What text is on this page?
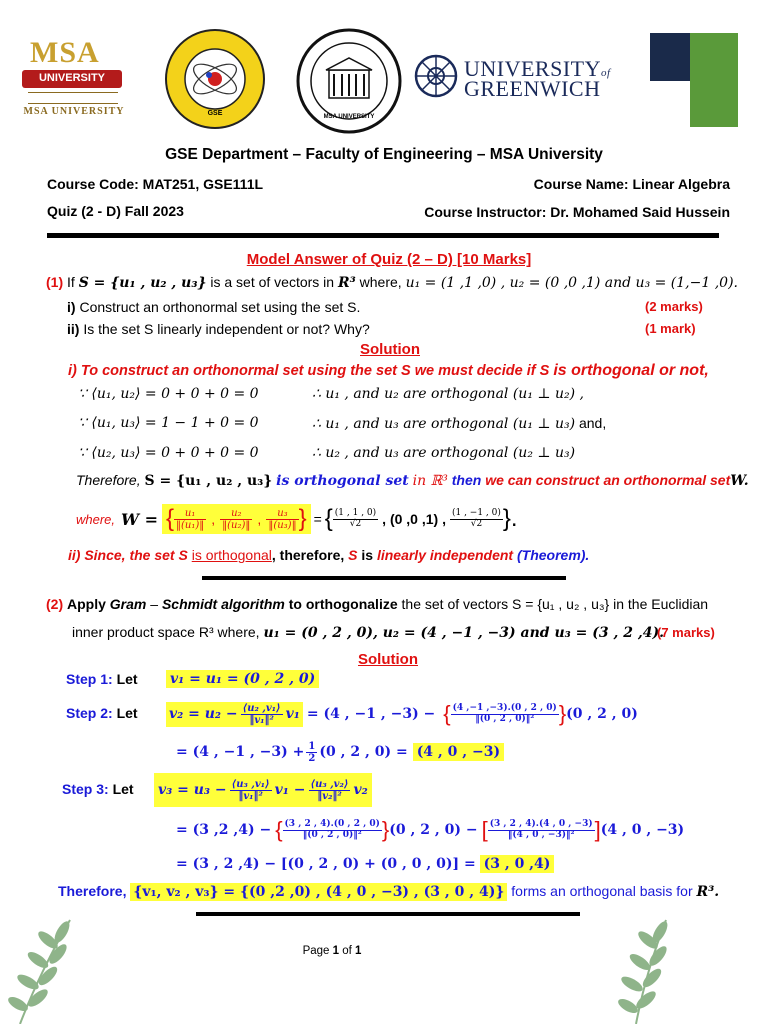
MSA
UNIVERSITY
MSA UNIVERSITY	GSE	MSA UNIVERSITY
UNIVERSITYof
GREENWICH
GSE Department – Faculty of Engineering – MSA University
Course Code: MAT251, GSE111L	Course Name: Linear Algebra
Quiz (2 - D) Fall 2023	Course Instructor: Dr. Mohamed Said Hussein
Model Answer of Quiz (2 – D) [10 Marks]
(1) If S = {u₁ , u₂ , u₃} is a set of vectors in R³ where, u₁ = (1 ,1 ,0) , u₂ = (0 ,0 ,1) and u₃ = (1,−1 ,0).
i) Construct an orthonormal set using the set S.	(2 marks)
ii) Is the set S linearly independent or not? Why?	(1 mark)
Solution
i) To construct an orthonormal set using the set S we must decide if S is orthogonal or not,
∵ ⟨u₁, u₂⟩ = 0 + 0 + 0 = 0	∴ u₁ , and u₂ are orthogonal (u₁ ⊥ u₂) ,
∵ ⟨u₁, u₃⟩ = 1 − 1 + 0 = 0	∴ u₁ , and u₃ are orthogonal (u₁ ⊥ u₃) and,
∵ ⟨u₂, u₃⟩ = 0 + 0 + 0 = 0	∴ u₂ , and u₃ are orthogonal (u₂ ⊥ u₃)
Therefore, S = {u₁ , u₂ , u₃} is orthogonal set in ℝ³ then we can construct an orthonormal setW.
where, W = { $\frac{\text{u₁}}{\text{‖(u₁)‖}}$ , $\frac{\text{u₂}}{\text{‖(u₂)‖}}$ , $\frac{\text{u₃}}{\text{‖(u₃)‖}}$ } = { $\frac{(1 , 1 , 0)}{√2}$ , (0 ,0 ,1) , $\frac{(1 , -1 , 0)}{√2}$ }.
ii) Since, the set S is orthogonal, therefore, S is linearly independent (Theorem).
(2) Apply Gram – Schmidt algorithm to orthogonalize the set of vectors S = {u₁ , u₂ , u₃} in the Euclidian
inner product space R³ where, u₁ = (0 , 2 , 0), u₂ = (4 , −1 , −3) and u₃ = (3 , 2 ,4).
(7 marks)
Solution
Step 1: Let v₁ = u₁ = (0 , 2 , 0)
Step 2: Let $v_2 = u_2 - \frac{\text{⟨u₂ ,v₁⟩}}{\text{‖v₁‖²}} v_1 = (4$ , −1 , −3) − { $\frac{(4 ,-1 ,-3).(0 , 2 , 0)}{\text{‖(0 , 2 , 0)‖²}}$ } (0 , 2 , 0)
= (4 , −1 , $-3) + \frac{1}{2} (0$ , 2 , 0) = (4 , 0 , −3)
Step 3: Let $v_3 = u_3 - \frac{\text{⟨u₃ ,v₁⟩}}{\text{‖v₁‖²}} v_1 - \frac{\text{⟨u₃ ,v₂⟩}}{\text{‖v₂‖²}} v_2$
= (3 ,2 ,4) − { $\frac{(3 , 2 , 4).(0 , 2 , 0)}{\text{‖(0 , 2 , 0)‖²}}$ } (0 , 2 , 0) − [ $\frac{(3 , 2 , 4).(4 , 0 , -3)}{\text{‖(4 , 0 , −3)‖²}}$ ] (4 , 0 , −3)
= (3 , 2 ,4) − [(0 , 2 , 0) + (0 , 0 , 0)] = (3 , 0 ,4)
Therefore, {v₁, v₂ , v₃} = {(0 ,2 ,0) , (4 , 0 , −3) , (3 , 0 , 4)} forms an orthogonal basis for R³.
Page 1 of 1
